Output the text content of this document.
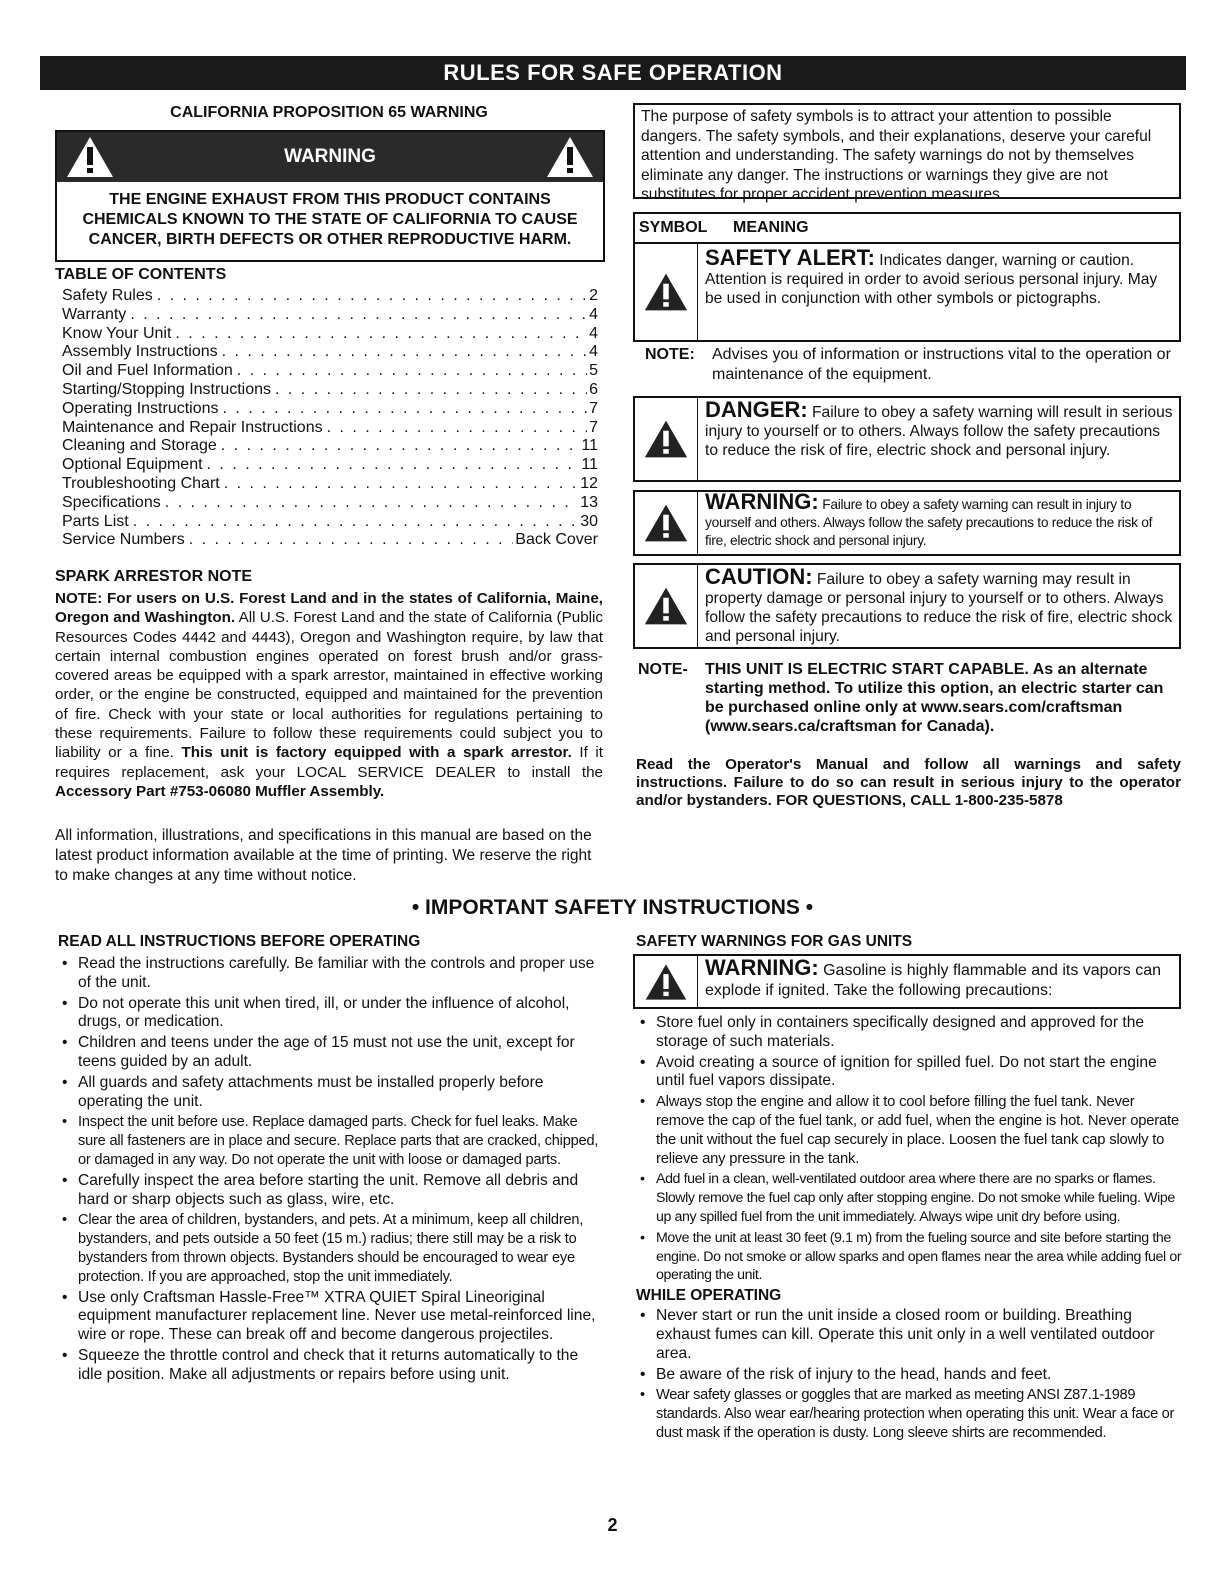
RULES FOR SAFE OPERATION
CALIFORNIA PROPOSITION 65 WARNING
WARNING
THE ENGINE EXHAUST FROM THIS PRODUCT CONTAINS
CHEMICALS KNOWN TO THE STATE OF CALIFORNIA TO CAUSE
CANCER, BIRTH DEFECTS OR OTHER REPRODUCTIVE HARM.
TABLE OF CONTENTS
Safety Rules . . .	2
Warranty . . .	4
Know Your Unit . . .	4
Assembly Instructions . . .	4
Oil and Fuel Information . . .	5
Starting/Stopping Instructions . . .	6
Operating Instructions . . .	7
Maintenance and Repair Instructions . . .	7
Cleaning and Storage . . .	11
Optional Equipment . . .	11
Troubleshooting Chart . . .	12
Specifications . . .	13
Parts List . . .	30
Service Numbers . . .	Back Cover
SPARK ARRESTOR NOTE
NOTE: For users on U.S. Forest Land and in the states of California, Maine, Oregon and Washington. All U.S. Forest Land and the state of California (Public Resources Codes 4442 and 4443), Oregon and Washington require, by law that certain internal combustion engines operated on forest brush and/or grass-covered areas be equipped with a spark arrestor, maintained in effective working order, or the engine be constructed, equipped and maintained for the prevention of fire. Check with your state or local authorities for regulations pertaining to these requirements. Failure to follow these requirements could subject you to liability or a fine. This unit is factory equipped with a spark arrestor. If it requires replacement, ask your LOCAL SERVICE DEALER to install the Accessory Part #753-06080 Muffler Assembly.
All information, illustrations, and specifications in this manual are based on the latest product information available at the time of printing. We reserve the right to make changes at any time without notice.
The purpose of safety symbols is to attract your attention to possible dangers. The safety symbols, and their explanations, deserve your careful attention and understanding. The safety warnings do not by themselves eliminate any danger. The instructions or warnings they give are not substitutes for proper accident prevention measures.
SYMBOL	MEANING
SAFETY ALERT: Indicates danger, warning or caution. Attention is required in order to avoid serious personal injury. May be used in conjunction with other symbols or pictographs.
NOTE: Advises you of information or instructions vital to the operation or maintenance of the equipment.
DANGER: Failure to obey a safety warning will result in serious injury to yourself or to others. Always follow the safety precautions to reduce the risk of fire, electric shock and personal injury.
WARNING: Failure to obey a safety warning can result in injury to yourself and others. Always follow the safety precautions to reduce the risk of fire, electric shock and personal injury.
CAUTION: Failure to obey a safety warning may result in property damage or personal injury to yourself or to others. Always follow the safety precautions to reduce the risk of fire, electric shock and personal injury.
NOTE- THIS UNIT IS ELECTRIC START CAPABLE. As an alternate starting method. To utilize this option, an electric starter can be purchased online only at www.sears.com/craftsman (www.sears.ca/craftsman for Canada).
Read the Operator's Manual and follow all warnings and safety instructions. Failure to do so can result in serious injury to the operator and/or bystanders. FOR QUESTIONS, CALL 1-800-235-5878
• IMPORTANT SAFETY INSTRUCTIONS •
READ ALL INSTRUCTIONS BEFORE OPERATING
• Read the instructions carefully. Be familiar with the controls and proper use of the unit.
• Do not operate this unit when tired, ill, or under the influence of alcohol, drugs, or medication.
• Children and teens under the age of 15 must not use the unit, except for teens guided by an adult.
• All guards and safety attachments must be installed properly before operating the unit.
• Inspect the unit before use. Replace damaged parts. Check for fuel leaks. Make sure all fasteners are in place and secure. Replace parts that are cracked, chipped, or damaged in any way. Do not operate the unit with loose or damaged parts.
• Carefully inspect the area before starting the unit. Remove all debris and hard or sharp objects such as glass, wire, etc.
• Clear the area of children, bystanders, and pets. At a minimum, keep all children, bystanders, and pets outside a 50 feet (15 m.) radius; there still may be a risk to bystanders from thrown objects. Bystanders should be encouraged to wear eye protection. If you are approached, stop the unit immediately.
• Use only Craftsman Hassle-Free™ XTRA QUIET Spiral Lineoriginal equipment manufacturer replacement line. Never use metal-reinforced line, wire or rope. These can break off and become dangerous projectiles.
• Squeeze the throttle control and check that it returns automatically to the idle position. Make all adjustments or repairs before using unit.
SAFETY WARNINGS FOR GAS UNITS
WARNING: Gasoline is highly flammable and its vapors can explode if ignited. Take the following precautions:
• Store fuel only in containers specifically designed and approved for the storage of such materials.
• Avoid creating a source of ignition for spilled fuel. Do not start the engine until fuel vapors dissipate.
• Always stop the engine and allow it to cool before filling the fuel tank. Never remove the cap of the fuel tank, or add fuel, when the engine is hot. Never operate the unit without the fuel cap securely in place. Loosen the fuel tank cap slowly to relieve any pressure in the tank.
• Add fuel in a clean, well-ventilated outdoor area where there are no sparks or flames. Slowly remove the fuel cap only after stopping engine. Do not smoke while fueling. Wipe up any spilled fuel from the unit immediately. Always wipe unit dry before using.
• Move the unit at least 30 feet (9.1 m) from the fueling source and site before starting the engine. Do not smoke or allow sparks and open flames near the area while adding fuel or operating the unit.
WHILE OPERATING
• Never start or run the unit inside a closed room or building. Breathing exhaust fumes can kill. Operate this unit only in a well ventilated outdoor area.
• Be aware of the risk of injury to the head, hands and feet.
• Wear safety glasses or goggles that are marked as meeting ANSI Z87.1-1989 standards. Also wear ear/hearing protection when operating this unit. Wear a face or dust mask if the operation is dusty. Long sleeve shirts are recommended.
2
